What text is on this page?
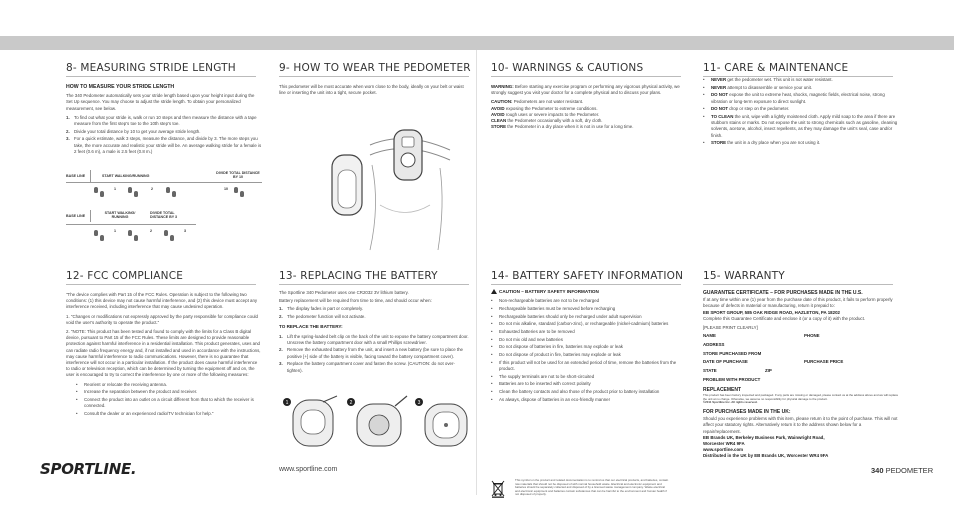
8- MEASURING STRIDE LENGTH
HOW TO MEASURE YOUR STRIDE LENGTH

The 340 Pedometer automatically sets your stride length based upon your height input during the Set Up sequence. You may choose to adjust the stride length. To obtain your personalized measurement, see below.

1. To find out what your stride is, walk or run 10 steps and then measure the distance with a tape measure from the first step's toe to the 10th step's toe.
2. Divide your total distance by 10 to get your average stride length.
3. For a quick estimate, walk 3 steps, measure the distance, and divide by 3. The more steps you take, the more accurate and realistic your stride will be. An average walking stride for a female is 2 feet (0.6 m), a male is 2.5 feet (0.8 m.)
BASE LINE	START WALKING/RUNNING
DIVIDE TOTAL DISTANCE BY 10
1	2	10
BASE LINE
START WALKING/ RUNNING
DIVIDE TOTAL DISTANCE BY 3
1	2	3
9- HOW TO WEAR THE PEDOMETER

This pedometer will be most accurate when worn close to the body, ideally on your belt or waist line or inserting the unit into a tight, secure pocket.

10- WARNINGS & CAUTIONS

WARNING: Before starting any exercise program or performing any vigorous physical activity, we strongly suggest you visit your doctor for a complete physical and to discuss your plans.

CAUTION: Pedometers are not water resistant.
AVOID exposing the Pedometer to extreme conditions.
AVOID rough uses or severe impacts to the Pedometer.
CLEAN the Pedometer occasionally with a soft, dry cloth.
STORE the Pedometer in a dry place when it is not in use for a long time.
11- CARE & MAINTENANCE
•	NEVER get the pedometer wet. This unit is not water resistant.
•	NEVER attempt to disassemble or service your unit.
•	DO NOT expose the unit to extreme heat, shocks, magnetic fields, electrical noise, strong vibration or long-term exposure to direct sunlight.
•	DO NOT drop or step on the pedometer.
•	TO CLEAN the unit, wipe with a lightly moistened cloth. Apply mild soap to the area if there are stubborn stains or marks. Do not expose the unit to strong chemicals such as gasoline, cleaning solvents, acetone, alcohol, insect repellents, as they may damage the unit's seal, case and/or finish.
•	STORE the unit in a dry place when you are not using it.
12- FCC COMPLIANCE

"The device complies with Part 15 of the FCC Rules. Operation is subject to the following two conditions: (1) this device may not cause harmful interference, and (2) this device must accept any interference received, including interference that may cause undesired operation.

1. "Changes or modifications not expressly approved by the party responsible for compliance could void the user's authority to operate the product."

2. "NOTE: This product has been tested and found to comply with the limits for a Class B digital device, pursuant to Part 15 of the FCC Rules. These limits are designed to provide reasonable protection against harmful interference in a residential installation. This product generates, uses and can radiate radio frequency energy and, if not installed and used in accordance with the instructions, may cause harmful interference to radio communications. However, there is no guarantee that interference will not occur in a particular installation. If the product does cause harmful interference to radio or television reception, which can be determined by turning the equipment off and on, the user is encouraged to try to correct the interference by one or more of the following measures:

•	Reorient or relocate the receiving antenna.
•	Increase the separation between the product and receiver.
•	Connect the product into an outlet on a circuit different from that to which the receiver is connected.
•	Consult the dealer or an experienced radio/TV technician for help."
13- REPLACING THE BATTERY

The Sportline 340 Pedometer uses one CR2032 3V lithium battery.

Battery replacement will be required from time to time, and should occur when:

1. The display fades in part or completely.
2. The pedometer function will not activate.
TO REPLACE THE BATTERY:
1. Lift the spring-loaded belt clip on the back of the unit to expose the battery compartment door. Unscrew the battery compartment door with a small Phillips screwdriver.
2. Remove the exhausted battery from the unit, and insert a new battery (be sure to place the positive [+] side of the battery is visible, facing toward the battery compartment cover).
3. Replace the battery compartment cover and fasten the screw. (CAUTION: do not over-tighten).
1	2	3
14- BATTERY SAFETY INFORMATION
CAUTION – BATTERY SAFETY INFORMATION
•	Non-rechargeable batteries are not to be recharged
•	Rechargeable batteries must be removed before recharging
•	Rechargeable batteries should only be recharged under adult supervision
•	Do not mix alkaline, standard (carbon-zinc), or rechargeable (nickel-cadmium) batteries
•	Exhausted batteries are to be removed
•	Do not mix old and new batteries
•	Do not dispose of batteries in fire, batteries may explode or leak
•	Do not dispose of product in fire, batteries may explode or leak
•	If this product will not be used for an extended period of time, remove the batteries from the product.
•	The supply terminals are not to be short-circuited
•	Batteries are to be inserted with correct polarity
•	Clean the battery contacts and also those of the product prior to battery installation
•	As always, dispose of batteries in an eco-friendly manner
This symbol on the product and related documentation is to remind us that our electrical products, and batteries, contain raw materials that should not be disposed of with normal household waste. Electrical and electronic equipment and batteries should be separately collected and disposed of by a licensed waste management company. Waste electrical and electronic equipment and batteries contain substances that can be harmful to the environment and human health if not disposed of properly.
15- WARRANTY
GUARANTEE CERTIFICATE – FOR PURCHASES MADE IN THE U.S.
If at any time within one (1) year from the purchase date of this product, it fails to perform properly because of defects in material or manufacturing, return it prepaid to:
EB SPORT GROUP, 585 OAK RIDGE ROAD, HAZLETON, PA 18202
Complete this Guarantee Certificate and enclose it (or a copy of it) with the product.
[PLEASE PRINT CLEARLY]
NAME	PHONE
ADDRESS
STORE PURCHASED FROM
DATE OF PURCHASE	PURCHASE PRICE
STATE	ZIP
PROBLEM WITH PRODUCT
REPLACEMENT
This product has been factory inspected and packaged. If any parts are missing or damaged, please contact us at the address above and we will replace the unit at no charge. Otherwise, we assume no responsibility for physical damage to the product.
©2011 Sportline Inc. All rights reserved.
FOR PURCHASES MADE IN THE UK:
Should you experience problems with this item, please return it to the point of purchase. This will not affect your statutory rights. Alternatively return it to the address shown below for a repair/replacement.
EB Brands UK, Berkeley Business Park, Wainwright Road,
Worcester WR4 9FA
www.sportline.com
Distributed in the UK by EB Brands UK, Worcester WR4 9FA
SPORTLINE.	www.sportline.com	340 PEDOMETER
